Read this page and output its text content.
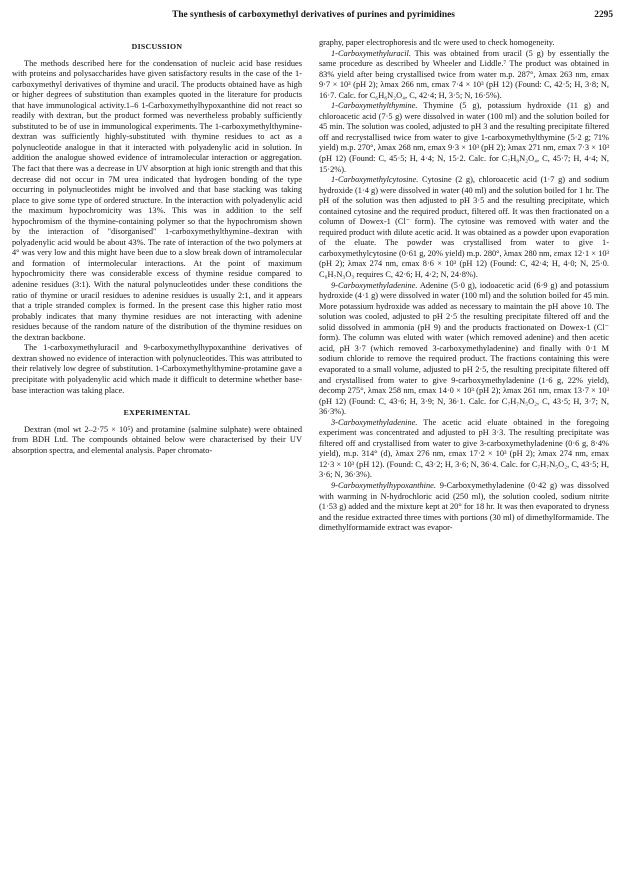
The synthesis of carboxymethyl derivatives of purines and pyrimidines	2295
DISCUSSION

The methods described here for the condensation of nucleic acid base residues with proteins and polysaccharides have given satisfactory results in the case of the 1-carboxymethyl derivatives of thymine and uracil. The products obtained have as high or higher degrees of substitution than examples quoted in the literature for products that have immunological activity.1–6 1-Carboxymethylhypoxanthine did not react so readily with dextran, but the product formed was nevertheless probably sufficiently substituted to be of use in immunological experiments. The 1-carboxymethylthymine-dextran was sufficiently highly-substituted with thymine residues to act as a polynucleotide analogue in that it interacted with polyadenylic acid in solution. In addition the analogue showed evidence of intramolecular interaction or aggregation. The fact that there was a decrease in UV absorption at high ionic strength and that this decrease did not occur in 7M urea indicated that hydrogen bonding of the type occurring in polynucleotides might be involved and that base stacking was taking place to give some type of ordered structure. In the interaction with polyadenylic acid the maximum hypochromicity was 13%. This was in addition to the self hypochromism of the thymine-containing polymer so that the hypochromism shown by the interaction of "disorganised" 1-carboxymethylthymine–dextran with polyadenylic acid would be about 43%. The rate of interaction of the two polymers at 4° was very low and this might have been due to a slow break down of intramolecular and formation of intermolecular interactions. At the point of maximum hypochromicity there was considerable excess of thymine residue compared to adenine residues (3:1). With the natural polynucleotides under these conditions the ratio of thymine or uracil residues to adenine residues is usually 2:1, and it appears that a triple stranded complex is formed. In the present case this higher ratio most probably indicates that many thymine residues are not interacting with adenine residues because of the random nature of the distribution of the thymine residues on the dextran backbone.

The 1-carboxymethyluracil and 9-carboxymethylhypoxanthine derivatives of dextran showed no evidence of interaction with polynucleotides. This was attributed to their relatively low degree of substitution. 1-Carboxymethylthymine-protamine gave a precipitate with polyadenylic acid which made it difficult to determine whether base-base interaction was taking place.

EXPERIMENTAL

Dextran (mol wt 2–2·75 × 10⁵) and protamine (salmine sulphate) were obtained from BDH Ltd. The compounds obtained below were characterised by their UV absorption spectra, and elemental analysis. Paper chromato-

graphy, paper electrophoresis and tlc were used to check homogeneity.

1-Carboxymethyluracil. This was obtained from uracil (5 g) by essentially the same procedure as described by Wheeler and Liddle.⁷ The product was obtained in 83% yield after being crystallised twice from water m.p. 287°, λmax 263 nm, εmax 9·7 × 10³ (pH 2); λmax 266 nm, εmax 7·4 × 10³ (pH 12) (Found: C, 42·5; H, 3·8; N, 16·7. Calc. for C₆H₆N₂O₄, C, 42·4; H, 3·5; N, 16·5%).

1-Carboxymethylthymine. Thymine (5 g), potassium hydroxide (11 g) and chloroacetic acid (7·5 g) were dissolved in water (100 ml) and the solution boiled for 45 min. The solution was cooled, adjusted to pH 3 and the resulting precipitate filtered off and recrystallised twice from water to give 1-carboxymethylthymine (5·2 g; 71% yield) m.p. 270°, λmax 268 nm, εmax 9·3 × 10³ (pH 2); λmax 271 nm, εmax 7·3 × 10³ (pH 12) (Found: C, 45·5; H, 4·4; N, 15·2. Calc. for C₇H₈N₂O₄, C, 45·7; H, 4·4; N, 15·2%).

1-Carboxymethylcytosine. Cytosine (2 g), chloroacetic acid (1·7 g) and sodium hydroxide (1·4 g) were dissolved in water (40 ml) and the solution boiled for 1 hr. The pH of the solution was then adjusted to pH 3·5 and the resulting precipitate, which contained cytosine and the required product, filtered off. It was then fractionated on a column of Dowex-1 (Cl⁻ form). The cytosine was removed with water and the required product with dilute acetic acid. It was obtained as a powder upon evaporation of the eluate. The powder was crystallised from water to give 1-carboxymethylcytosine (0·61 g, 20% yield) m.p. 280°, λmax 280 nm, εmax 12·1 × 10³ (pH 2); λmax 274 nm, εmax 8·6 × 10³ (pH 12) (Found: C, 42·4; H, 4·0; N, 25·0. C₆H₇N₃O₃ requires C, 42·6; H, 4·2; N, 24·8%).

9-Carboxymethyladenine. Adenine (5·0 g), iodoacetic acid (6·9 g) and potassium hydroxide (4·1 g) were dissolved in water (100 ml) and the solution boiled for 45 min. More potassium hydroxide was added as necessary to maintain the pH above 10. The solution was cooled, adjusted to pH 2·5 the resulting precipitate filtered off and the solid dissolved in ammonia (pH 9) and the products fractionated on Dowex-1 (Cl⁻ form). The column was eluted with water (which removed adenine) and then acetic acid, pH 3·7 (which removed 3-carboxymethyladenine) and finally with 0·1 M sodium chloride to remove the required product. The fractions containing this were evaporated to a small volume, adjusted to pH 2·5, the resulting precipitate filtered off and crystallised from water to give 9-carboxymethyladenine (1·6 g, 22% yield), decomp 275°, λmax 258 nm, εmax 14·0 × 10³ (pH 2); λmax 261 nm, εmax 13·7 × 10³ (pH 12) (Found: C, 43·6; H, 3·9; N, 36·1. Calc. for C₇H₇N₅O₂, C, 43·5; H, 3·7; N, 36·3%).

3-Carboxymethyladenine. The acetic acid eluate obtained in the foregoing experiment was concentrated and adjusted to pH 3·3. The resulting precipitate was filtered off and crystallised from water to give 3-carboxymethyladenine (0·6 g, 8·4% yield), m.p. 314° (d), λmax 276 nm, εmax 17·2 × 10³ (pH 2); λmax 274 nm, εmax 12·3 × 10³ (pH 12). (Found: C, 43·2; H, 3·6; N, 36·4. Calc. for C₇H₇N₅O₂, C, 43·5; H, 3·6; N, 36·3%).

9-Carboxymethylhypoxanthine. 9-Carboxymethyladenine (0·42 g) was dissolved with warming in N-hydrochloric acid (250 ml), the solution cooled, sodium nitrite (1·53 g) added and the mixture kept at 20° for 18 hr. It was then evaporated to dryness and the residue extracted three times with portions (30 ml) of dimethylformamide. The dimethylformamide extract was evapor-
